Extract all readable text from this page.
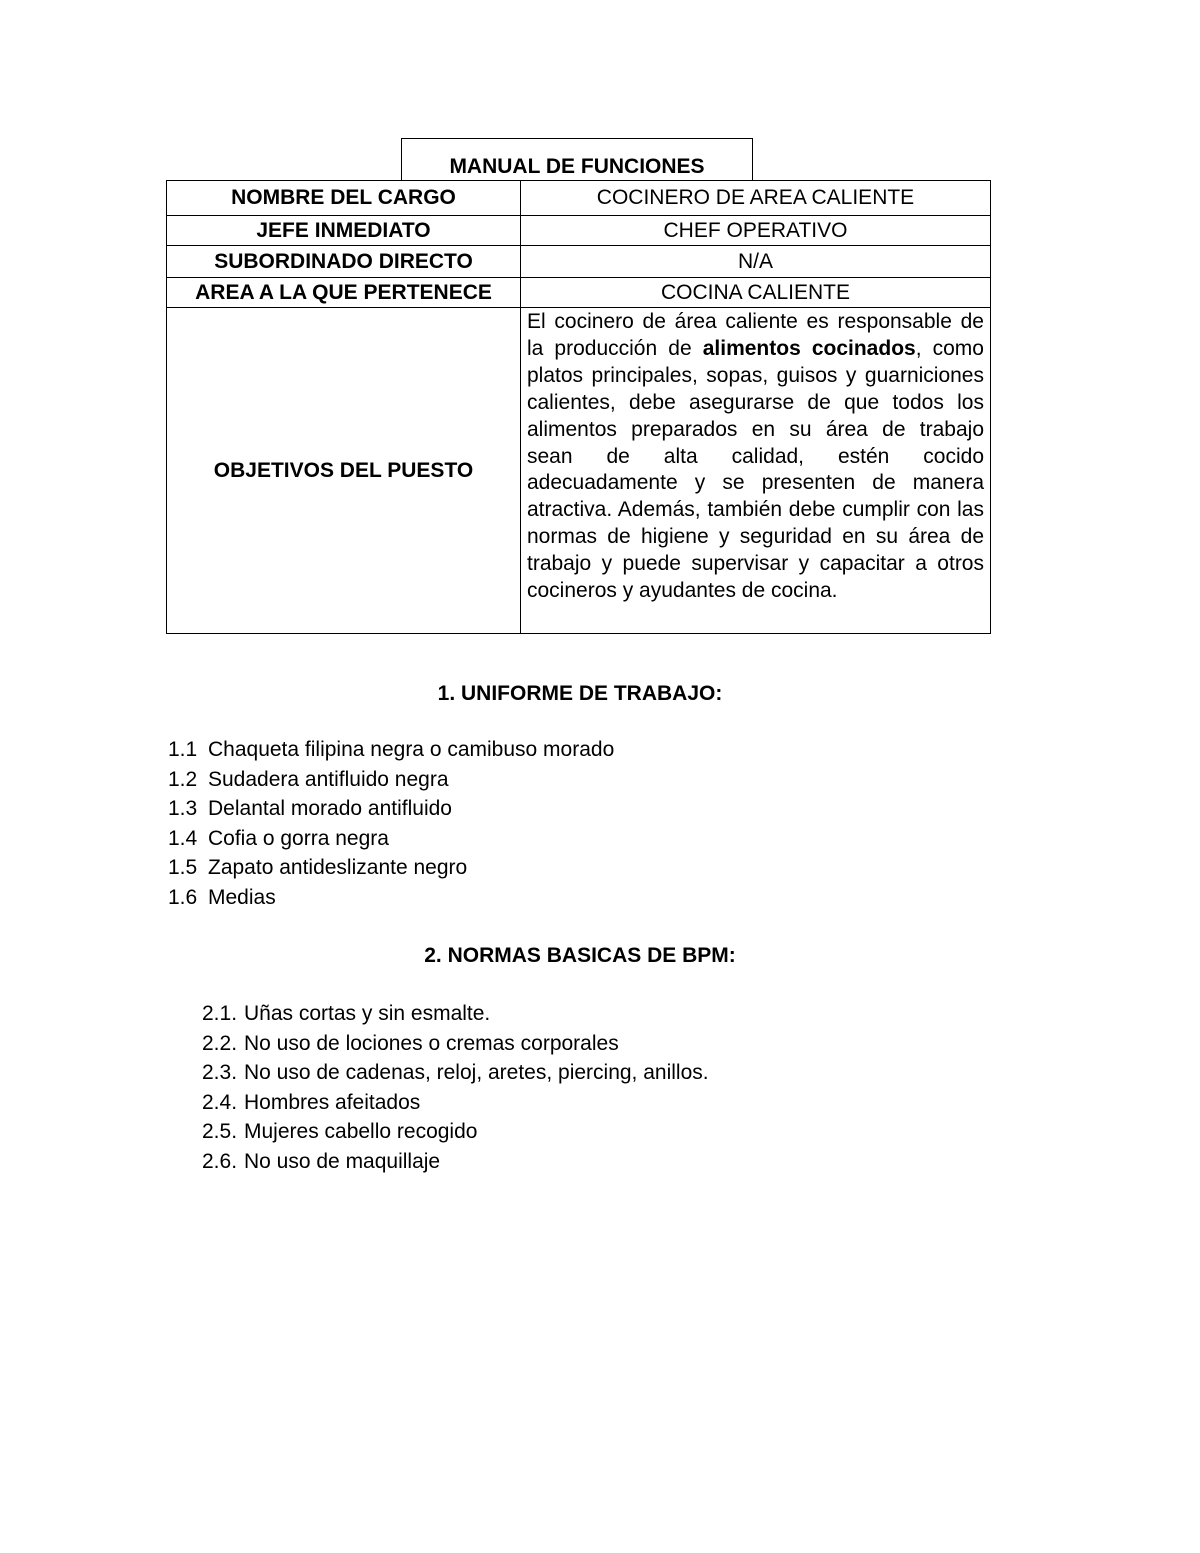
MANUAL DE FUNCIONES
NOMBRE DEL CARGO	COCINERO DE AREA CALIENTE
JEFE INMEDIATO	CHEF OPERATIVO
SUBORDINADO DIRECTO	N/A
AREA A LA QUE PERTENECE	COCINA CALIENTE
OBJETIVOS DEL PUESTO	El cocinero de área caliente es responsable de la producción de alimentos cocinados, como platos principales, sopas, guisos y guarniciones calientes, debe asegurarse de que todos los alimentos preparados en su área de trabajo sean de alta calidad, estén cocido adecuadamente y se presenten de manera atractiva. Además, también debe cumplir con las normas de higiene y seguridad en su área de trabajo y puede supervisar y capacitar a otros cocineros y ayudantes de cocina.
1. UNIFORME DE TRABAJO:
1.1 Chaqueta filipina negra o camibuso morado
1.2 Sudadera antifluido negra
1.3 Delantal morado antifluido
1.4 Cofia o gorra negra
1.5 Zapato antideslizante negro
1.6 Medias
2. NORMAS BASICAS DE BPM:
2.1. Uñas cortas y sin esmalte.
2.2. No uso de lociones o cremas corporales
2.3. No uso de cadenas, reloj, aretes, piercing, anillos.
2.4. Hombres afeitados
2.5. Mujeres cabello recogido
2.6. No uso de maquillaje
